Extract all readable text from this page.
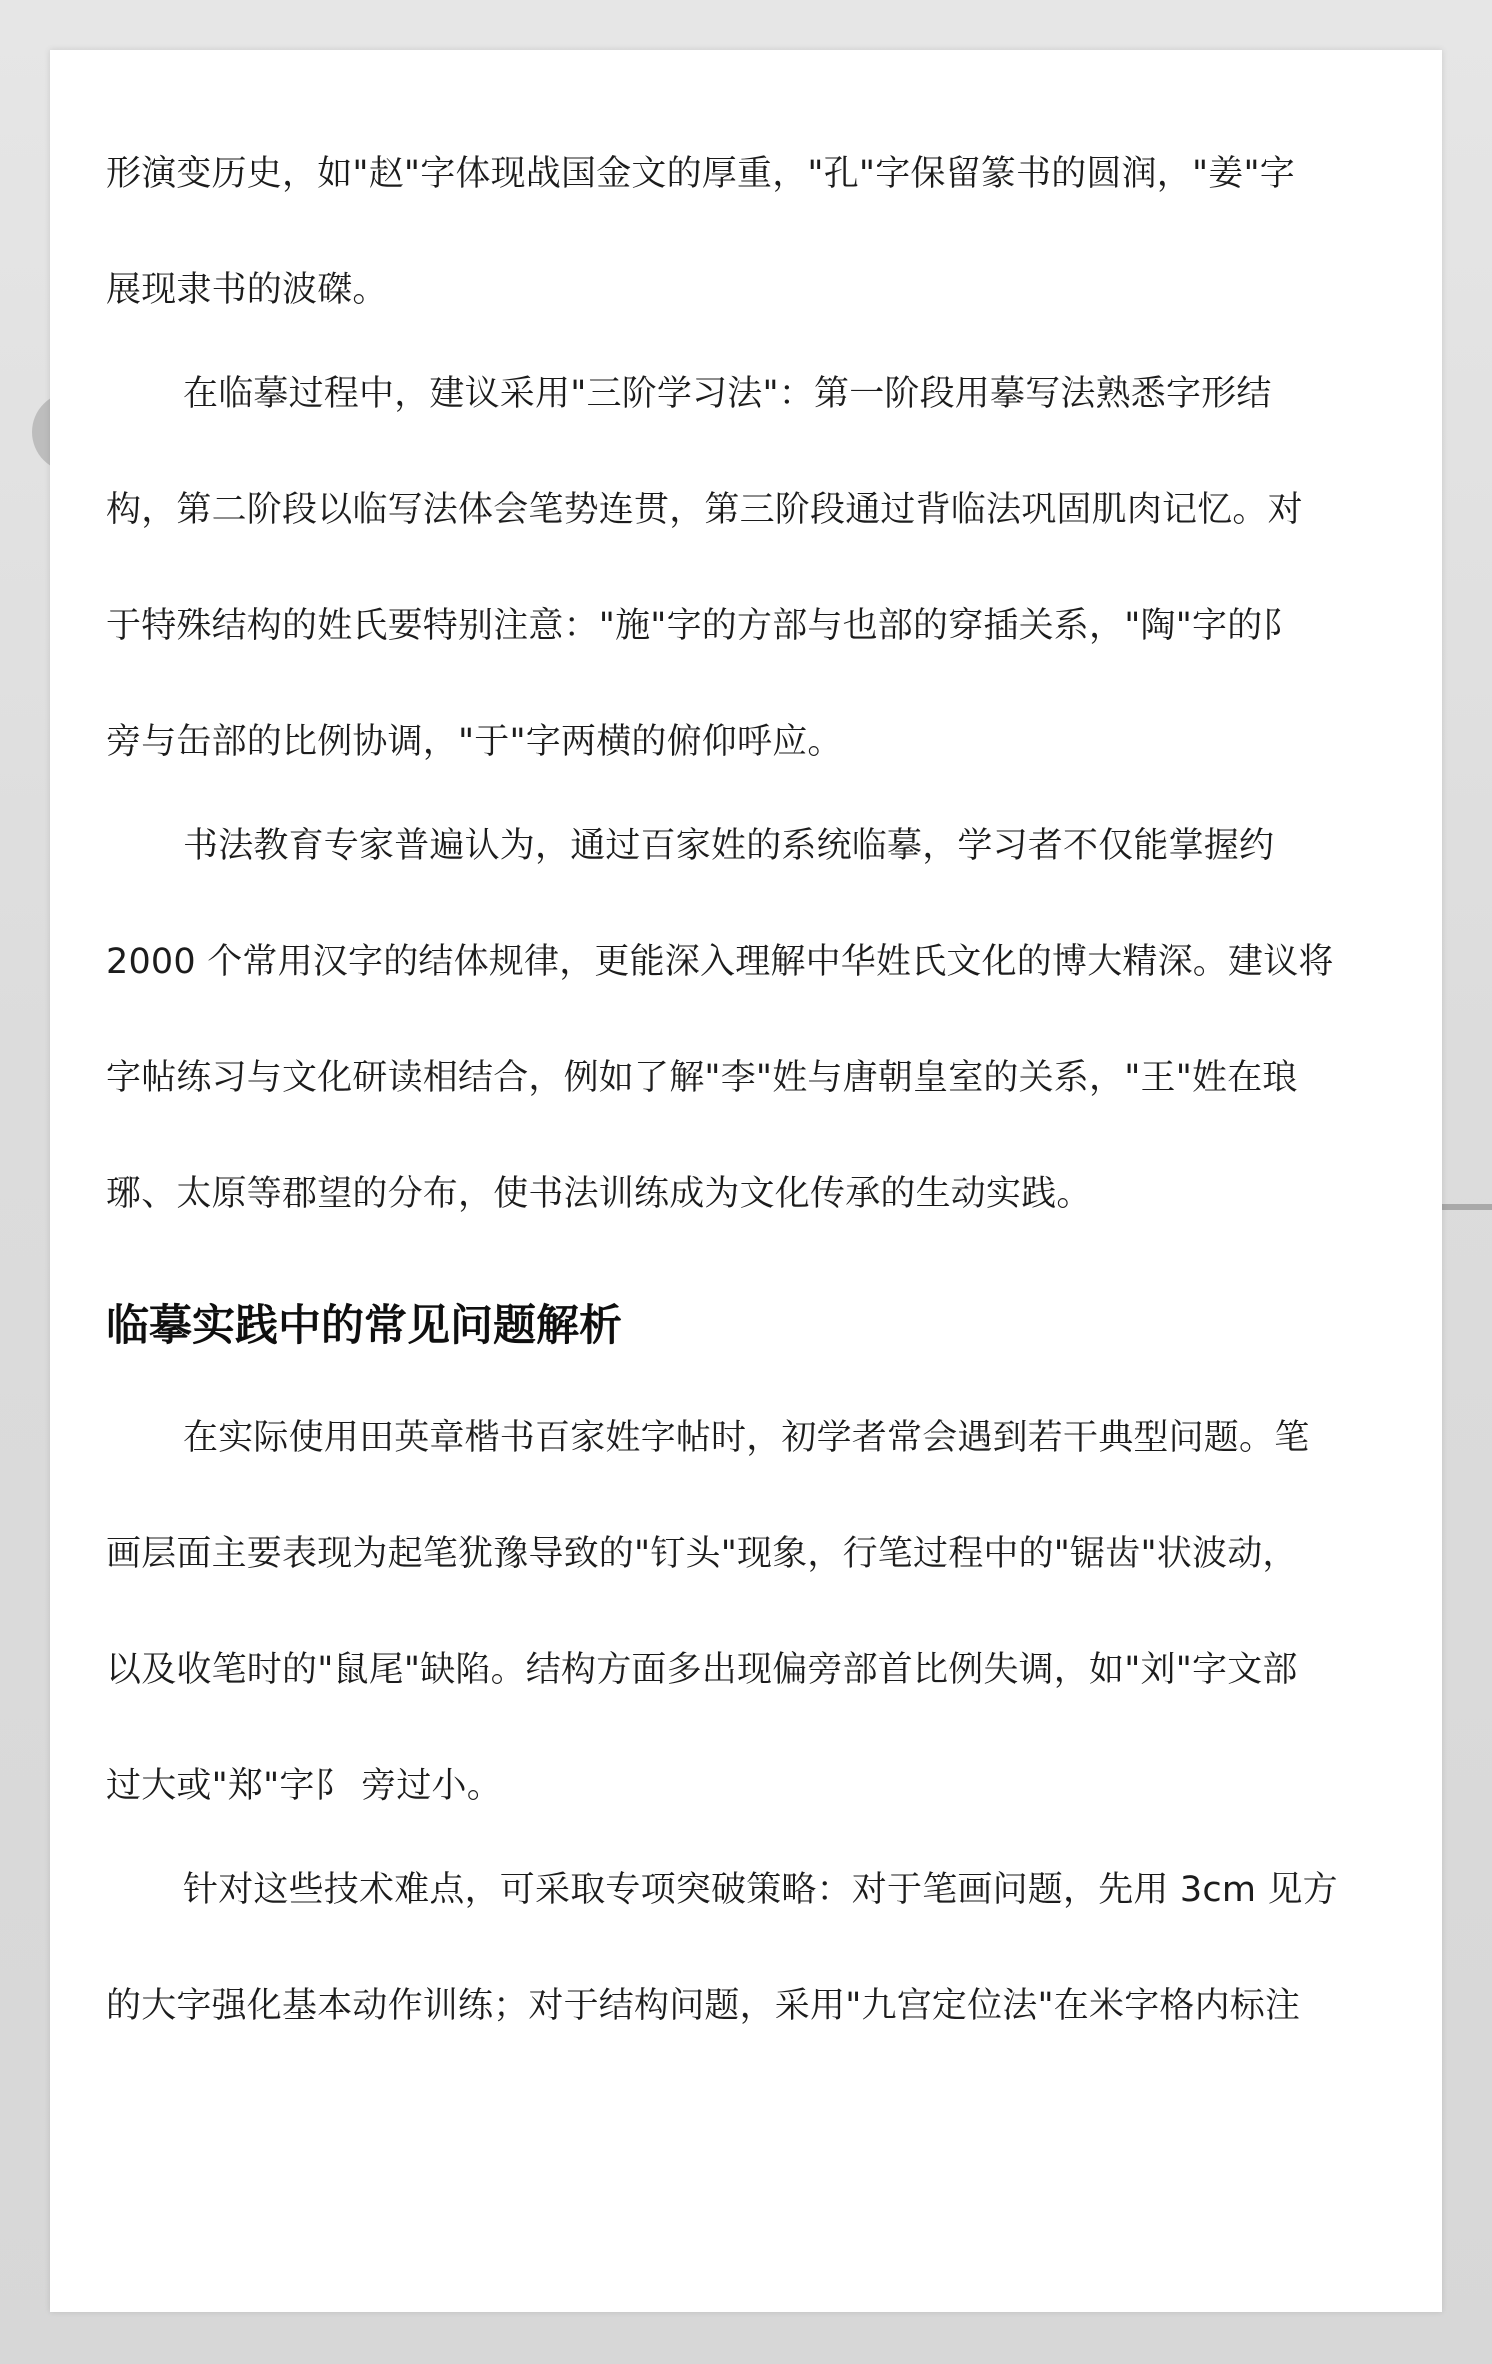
形演变历史，如"赵"字体现战国金文的厚重，"孔"字保留篆书的圆润，"姜"字
展现隶书的波磔。
在临摹过程中，建议采用"三阶学习法"：第一阶段用摹写法熟悉字形结
构，第二阶段以临写法体会笔势连贯，第三阶段通过背临法巩固肌肉记忆。对
于特殊结构的姓氏要特别注意："施"字的方部与也部的穿插关系，"陶"字的阝
旁与缶部的比例协调，"于"字两横的俯仰呼应。
书法教育专家普遍认为，通过百家姓的系统临摹，学习者不仅能掌握约
2000 个常用汉字的结体规律，更能深入理解中华姓氏文化的博大精深。建议将
字帖练习与文化研读相结合，例如了解"李"姓与唐朝皇室的关系，"王"姓在琅
琊、太原等郡望的分布，使书法训练成为文化传承的生动实践。
临摹实践中的常见问题解析
在实际使用田英章楷书百家姓字帖时，初学者常会遇到若干典型问题。笔
画层面主要表现为起笔犹豫导致的"钉头"现象，行笔过程中的"锯齿"状波动，
以及收笔时的"鼠尾"缺陷。结构方面多出现偏旁部首比例失调，如"刘"字文部
过大或"郑"字阝 旁过小。
针对这些技术难点，可采取专项突破策略：对于笔画问题，先用 3cm 见方
的大字强化基本动作训练；对于结构问题，采用"九宫定位法"在米字格内标注
